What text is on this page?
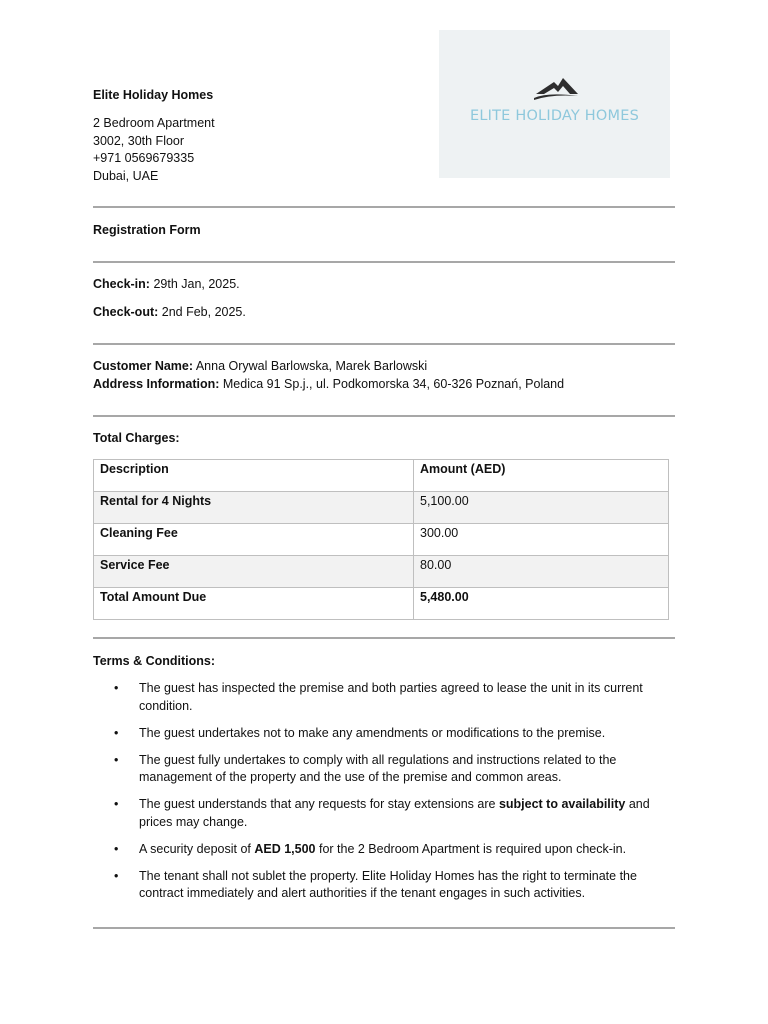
Elite Holiday Homes
2 Bedroom Apartment
3002, 30th Floor
+971 0569679335
Dubai, UAE
ELITE HOLIDAY HOMES
Registration Form
Check-in: 29th Jan, 2025.
Check-out: 2nd Feb, 2025.
Customer Name: Anna Orywal Barlowska, Marek Barlowski
Address Information: Medica 91 Sp.j., ul. Podkomorska 34, 60-326 Poznań, Poland
Total Charges:
Description	Amount (AED)
Rental for 4 Nights	5,100.00
Cleaning Fee	300.00
Service Fee	80.00
Total Amount Due	5,480.00
Terms & Conditions:
• The guest has inspected the premise and both parties agreed to lease the unit in its current condition.
• The guest undertakes not to make any amendments or modifications to the premise.
• The guest fully undertakes to comply with all regulations and instructions related to the management of the property and the use of the premise and common areas.
• The guest understands that any requests for stay extensions are subject to availability and prices may change.
• A security deposit of AED 1,500 for the 2 Bedroom Apartment is required upon check-in.
• The tenant shall not sublet the property. Elite Holiday Homes has the right to terminate the contract immediately and alert authorities if the tenant engages in such activities.
